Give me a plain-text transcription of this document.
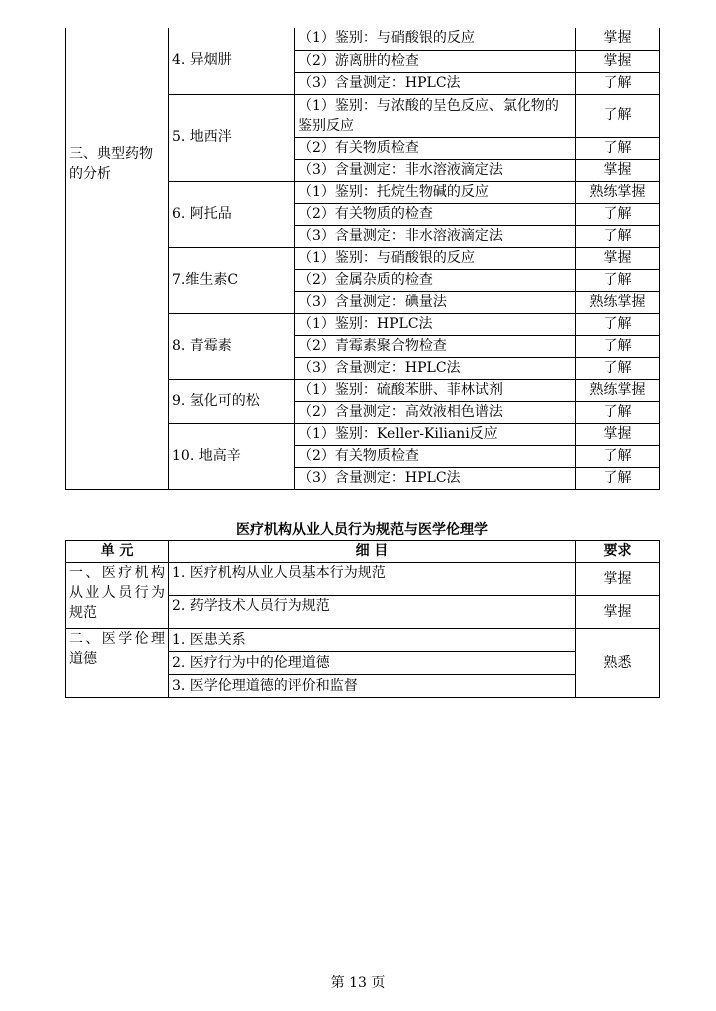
三、典型药物的分析	4. 异烟肼	（1）鉴别：与硝酸银的反应	掌握
		（2）游离肼的检查	掌握
		（3）含量测定：HPLC法	了解
	5. 地西泮	（1）鉴别：与浓酸的呈色反应、氯化物的鉴别反应	了解
		（2）有关物质检查	了解
		（3）含量测定：非水溶液滴定法	掌握
	6. 阿托品	（1）鉴别：托烷生物碱的反应	熟练掌握
		（2）有关物质的检查	了解
		（3）含量测定：非水溶液滴定法	了解
	7.维生素C	（1）鉴别：与硝酸银的反应	掌握
		（2）金属杂质的检查	了解
		（3）含量测定：碘量法	熟练掌握
	8. 青霉素	（1）鉴别：HPLC法	了解
		（2）青霉素聚合物检查	了解
		（3）含量测定：HPLC法	了解
	9. 氢化可的松	（1）鉴别：硫酸苯肼、菲林试剂	熟练掌握
		（2）含量测定：高效液相色谱法	了解
	10. 地高辛	（1）鉴别：Keller-Kiliani反应	掌握
		（2）有关物质检查	了解
		（3）含量测定：HPLC法	了解
医疗机构从业人员行为规范与医学伦理学
单 元	细 目	要求
一、医疗机构从业人员行为规范	1. 医疗机构从业人员基本行为规范	掌握
	2. 药学技术人员行为规范	掌握
二、医学伦理道德	1. 医患关系	熟悉
	2. 医疗行为中的伦理道德	
	3. 医学伦理道德的评价和监督	
第 13 页
